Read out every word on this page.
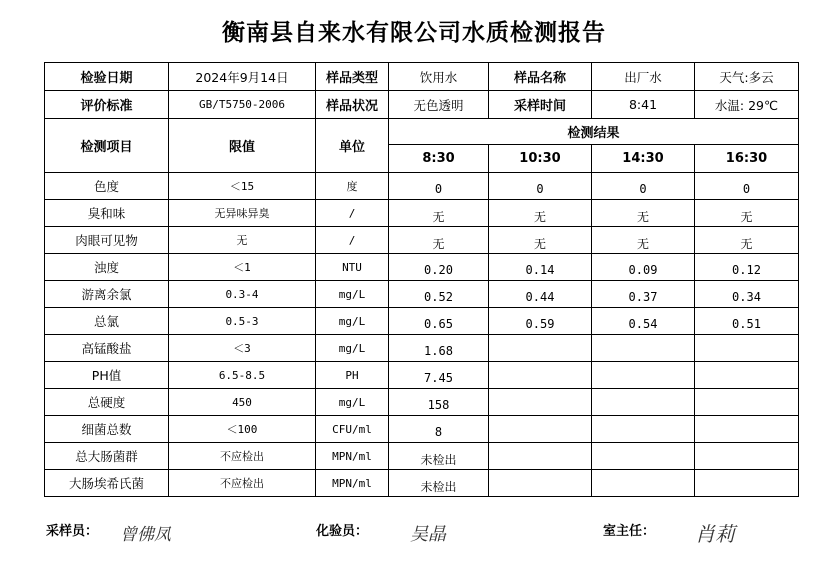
衡南县自来水有限公司水质检测报告
检验日期	2024年9月14日	样品类型	饮用水	样品名称	出厂水	天气:多云
评价标准	GB/T5750-2006	样品状况	无色透明	采样时间	8:41	水温: 29℃
检测项目	限值	单位	检测结果			
			8:30	10:30	14:30	16:30
色度	＜15	度	0	0	0	0
臭和味	无异味异臭	/	无	无	无	无
肉眼可见物	无	/	无	无	无	无
浊度	＜1	NTU	0.20	0.14	0.09	0.12
游离余氯	0.3-4	mg/L	0.52	0.44	0.37	0.34
总氯	0.5-3	mg/L	0.65	0.59	0.54	0.51
高锰酸盐	＜3	mg/L	1.68			
PH值	6.5-8.5	PH	7.45			
总硬度	450	mg/L	158			
细菌总数	＜100	CFU/ml	8			
总大肠菌群	不应检出	MPN/ml	未检出			
大肠埃希氏菌	不应检出	MPN/ml	未检出			
采样员： 曾佛凤	化验员： 吴晶	室主任： 肖莉
